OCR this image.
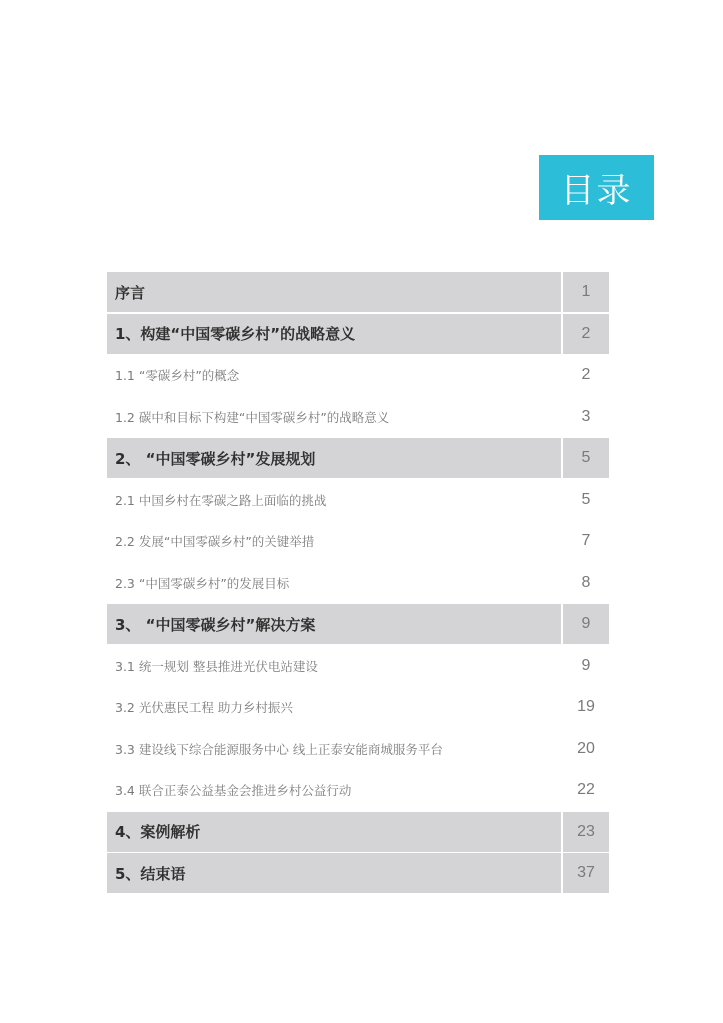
目录
序言	1
1、构建“中国零碳乡村”的战略意义	2
1.1 “零碳乡村”的概念	2
1.2 碳中和目标下构建“中国零碳乡村”的战略意义	3
2、 “中国零碳乡村”发展规划	5
2.1 中国乡村在零碳之路上面临的挑战	5
2.2 发展“中国零碳乡村”的关键举措	7
2.3 “中国零碳乡村”的发展目标	8
3、 “中国零碳乡村”解决方案	9
3.1 统一规划 整县推进光伏电站建设	9
3.2 光伏惠民工程 助力乡村振兴	19
3.3 建设线下综合能源服务中心 线上正泰安能商城服务平台	20
3.4 联合正泰公益基金会推进乡村公益行动	22
4、案例解析	23
5、结束语	37
